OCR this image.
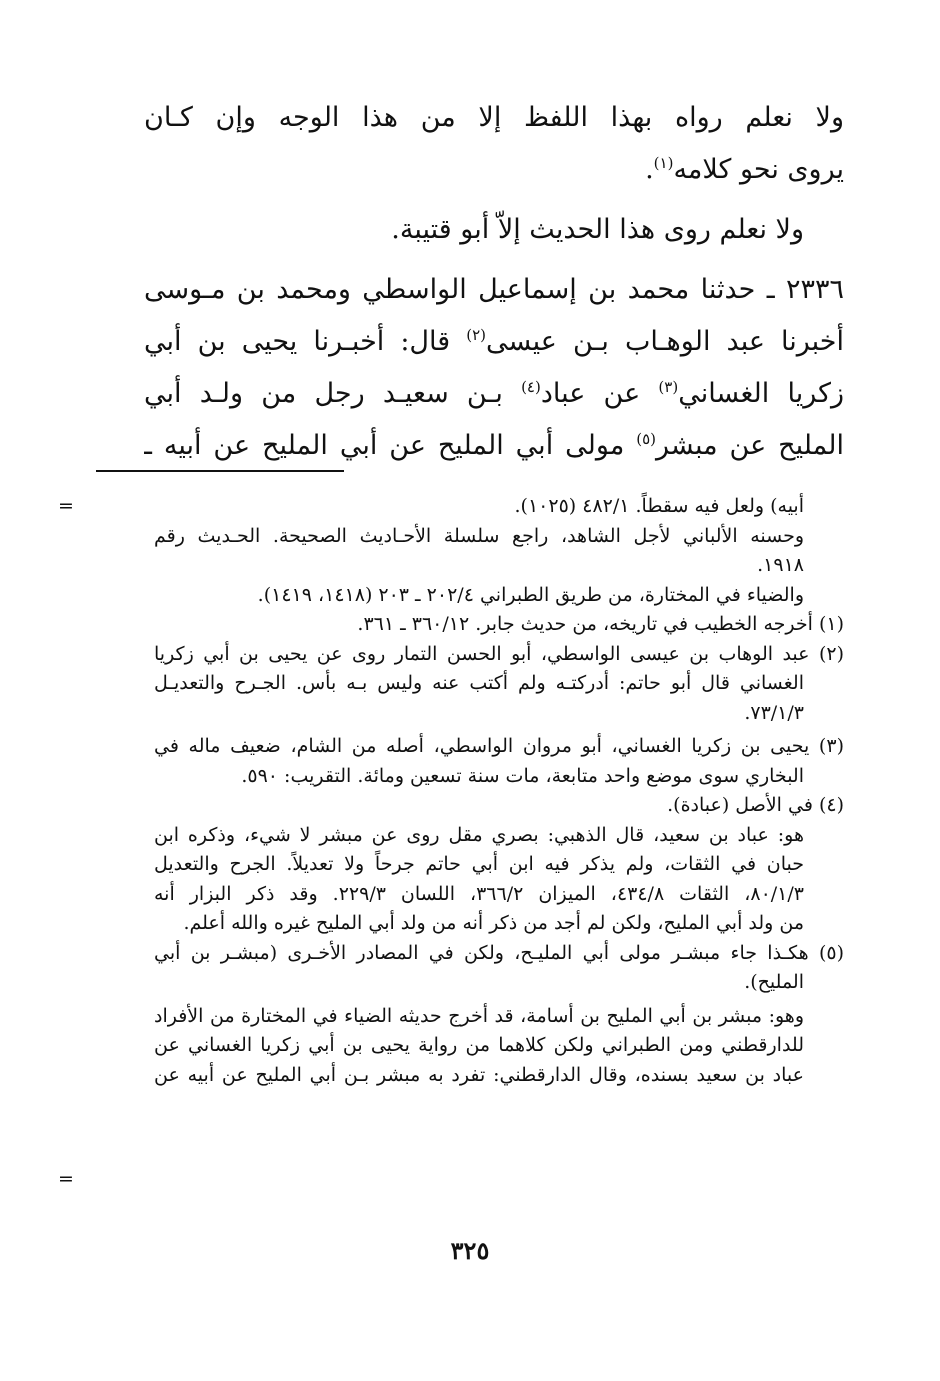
ولا نعلم رواه بهذا اللفظ إلا من هذا الوجه وإن كـان
يروى نحو كلامه$^{(١)}$.
ولا نعلم روى هذا الحديث إلاّ أبو قتيبة.
٢٣٣٦ ـ حدثنا محمد بن إسماعيل الواسطي ومحمد بن مـوسى
أخبرنا عبد الوهـاب بـن عيسى$^{(٢)}$ قال: أخبـرنا يحيى بن أبي
زكريا الغساني$^{(٣)}$ عن عباد$^{(٤)}$ بـن سعيـد رجل من ولـد أبي
المليح عن مبشر$^{(٥)}$ مولى أبي المليح عن أبي المليح عن أبيه ـ
=	أبيه) ولعل فيه سقطاً. ٤٨٢/١ (١٠٢٥).
وحسنه الألباني لأجل الشاهد، راجع سلسلة الأحـاديث الصحيحة. الحـديث رقم
١٩١٨.
والضياء في المختارة، من طريق الطبراني ٢٠٢/٤ ـ ٢٠٣ (١٤١٨، ١٤١٩).
(١) أخرجه الخطيب في تاريخه، من حديث جابر. ٣٦٠/١٢ ـ ٣٦١.
(٢) عبد الوهاب بن عيسى الواسطي، أبو الحسن التمار روى عن يحيى بن أبي زكريا
الغساني قال أبو حاتم: أدركتـه ولم أكتب عنه وليس بـه بأس. الجـرح والتعديـل
٧٣/١/٣.
(٣) يحيى بن زكريا الغساني، أبو مروان الواسطي، أصله من الشام، ضعيف ماله في
البخاري سوى موضع واحد متابعة، مات سنة تسعين ومائة. التقريب: ٥٩٠.
(٤) في الأصل (عبادة).
هو: عباد بن سعيد، قال الذهبي: بصري مقل روى عن مبشر لا شيء، وذكره ابن
حبان في الثقات، ولم يذكر فيه ابن أبي حاتم جرحاً ولا تعديلاً. الجرح والتعديل
٨٠/١/٣، الثقات ٤٣٤/٨، الميزان ٣٦٦/٢، اللسان ٢٢٩/٣. وقد ذكر البزار أنه
من ولد أبي المليح، ولكن لم أجد من ذكر أنه من ولد أبي المليح غيره والله أعلم.
(٥) هكـذا جاء مبشـر مولى أبي المليـح، ولكن في المصادر الأخـرى (مبشـر بن أبي
المليح).
وهو: مبشر بن أبي المليح بن أسامة، قد أخرج حديثه الضياء في المختارة من الأفراد
للدارقطني ومن الطبراني ولكن كلاهما من رواية يحيى بن أبي زكريا الغساني عن
عباد بن سعيد بسنده، وقال الدارقطني: تفرد به مبشر بـن أبي المليح عن أبيه عن
=
٣٢٥
